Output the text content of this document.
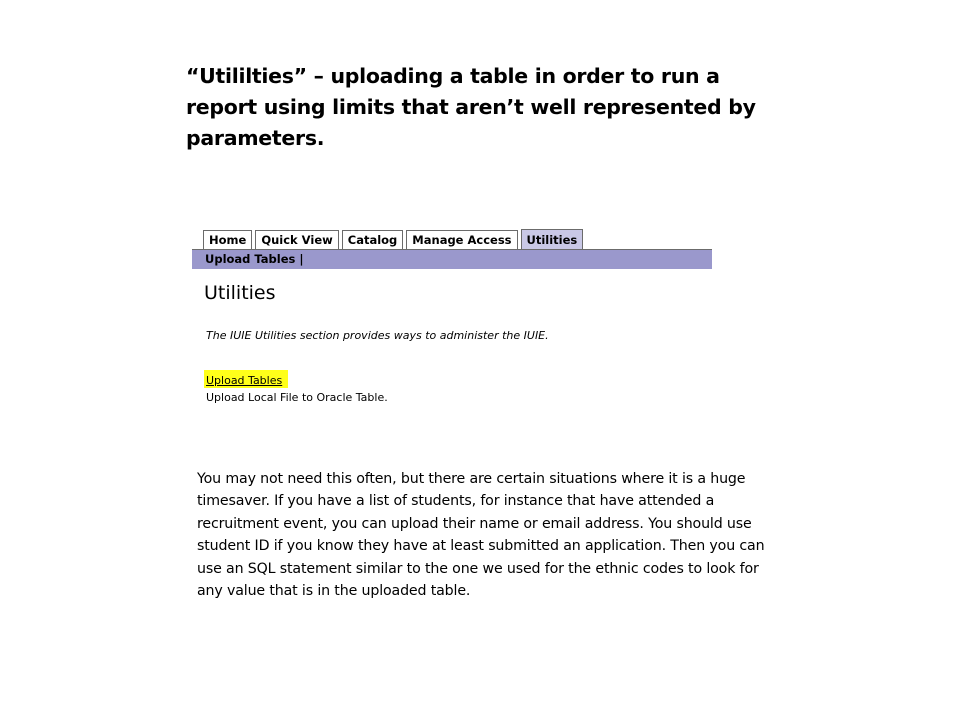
“Utililties” – uploading a table in order to run a report using limits that aren’t well represented by parameters.

Home	Quick View	Catalog	Manage Access	Utilities
Upload Tables |
Utilities

The IUIE Utilities section provides ways to administer the IUIE.

Upload Tables

Upload Local File to Oracle Table.

You may not need this often, but there are certain situations where it is a huge timesaver. If you have a list of students, for instance that have attended a recruitment event, you can upload their name or email address. You should use student ID if you know they have at least submitted an application. Then you can use an SQL statement similar to the one we used for the ethnic codes to look for any value that is in the uploaded table.
